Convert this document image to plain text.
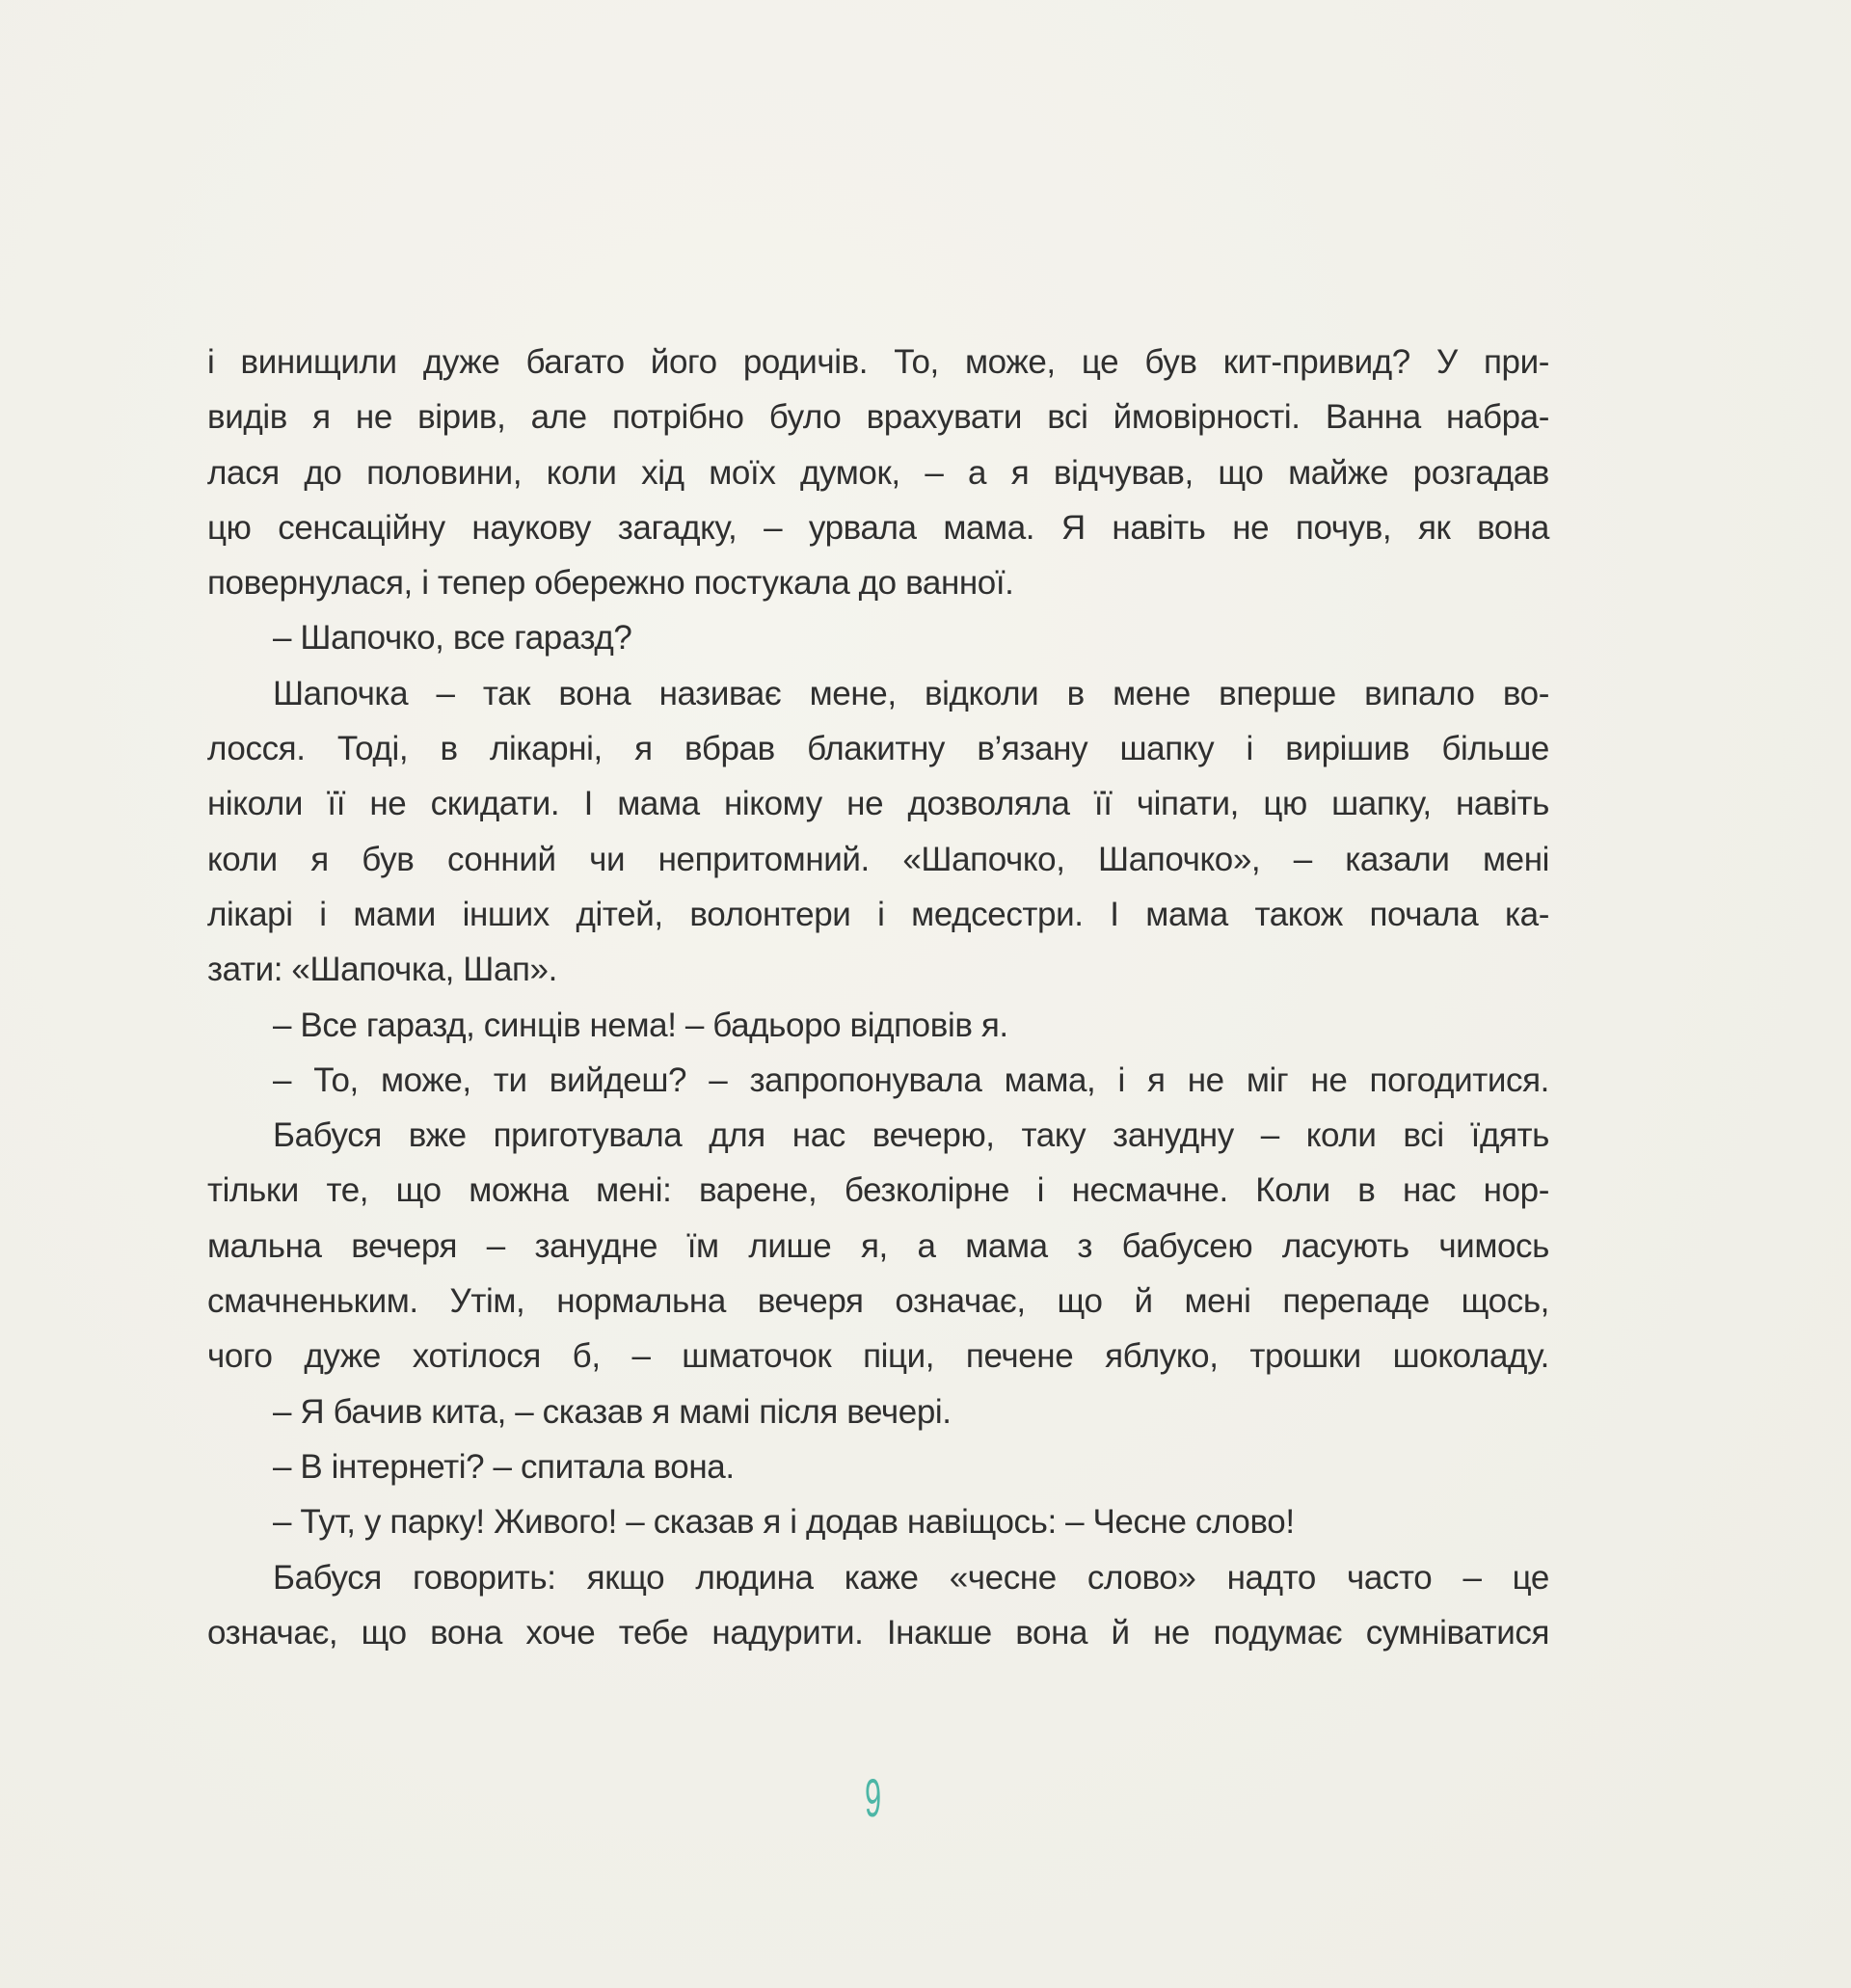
і винищили дуже багато його родичів. То, може, це був кит-привид? У при-
видів я не вірив, але потрібно було врахувати всі ймовірності. Ванна набра-
лася до половини, коли хід моїх думок, – а я відчував, що майже розгадав
цю сенсаційну наукову загадку, – урвала мама. Я навіть не почув, як вона
повернулася, і тепер обережно постукала до ванної.
– Шапочко, все гаразд?
Шапочка – так вона називає мене, відколи в мене вперше випало во-
лосся. Тоді, в лікарні, я вбрав блакитну в’язану шапку і вирішив більше
ніколи її не скидати. І мама нікому не дозволяла її чіпати, цю шапку, навіть
коли я був сонний чи непритомний. «Шапочко, Шапочко», – казали мені
лікарі і мами інших дітей, волонтери і медсестри. І мама також почала ка-
зати: «Шапочка, Шап».
– Все гаразд, синців нема! – бадьоро відповів я.
– То, може, ти вийдеш? – запропонувала мама, і я не міг не погодитися.
Бабуся вже приготувала для нас вечерю, таку занудну – коли всі їдять
тільки те, що можна мені: варене, безколірне і несмачне. Коли в нас нор-
мальна вечеря – занудне їм лише я, а мама з бабусею ласують чимось
смачненьким. Утім, нормальна вечеря означає, що й мені перепаде щось,
чого дуже хотілося б, – шматочок піци, печене яблуко, трошки шоколаду.
– Я бачив кита, – сказав я мамі після вечері.
– В інтернеті? – спитала вона.
– Тут, у парку! Живого! – сказав я і додав навіщось: – Чесне слово!
Бабуся говорить: якщо людина каже «чесне слово» надто часто – це
означає, що вона хоче тебе надурити. Інакше вона й не подумає сумніватися
9
